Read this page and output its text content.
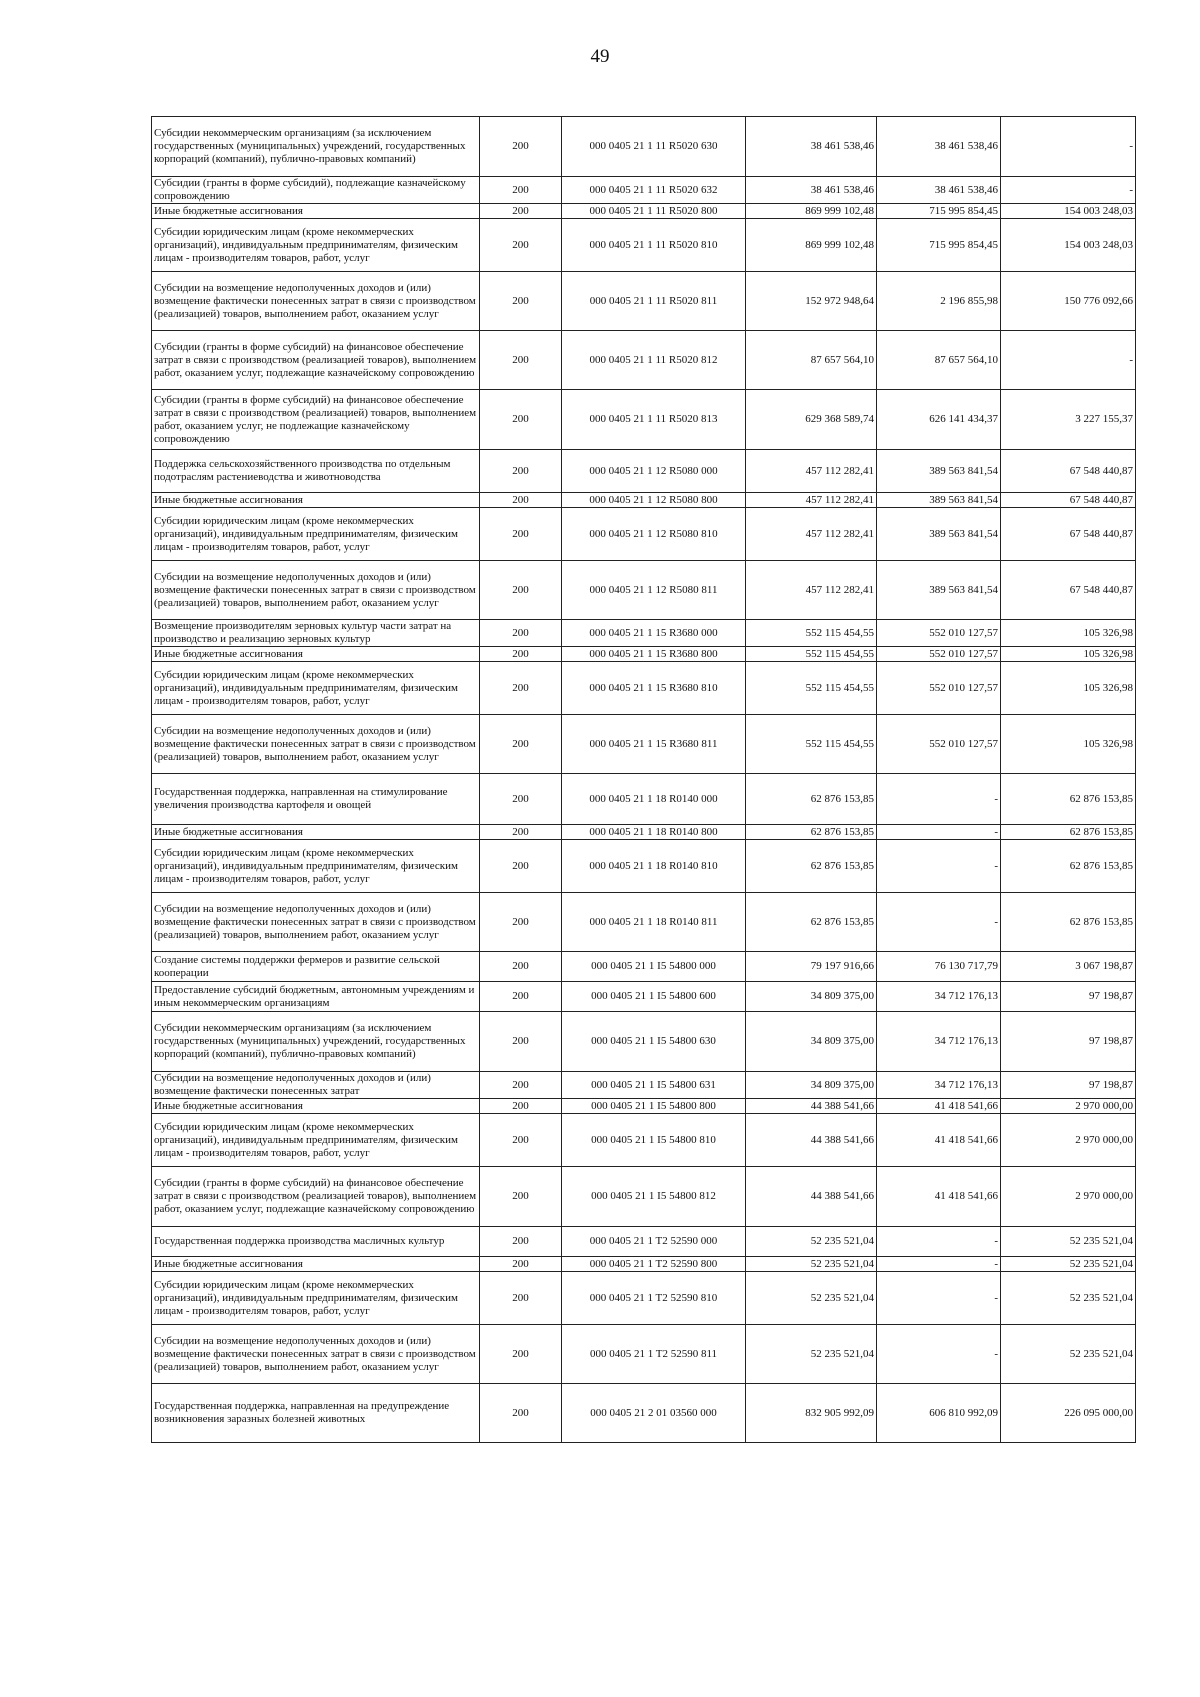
49
Субсидии некоммерческим организациям (за исключением государственных (муниципальных) учреждений, государственных корпораций (компаний), публично-правовых компаний)	200	000 0405 21 1 11 R5020 630	38 461 538,46	38 461 538,46	-
Субсидии (гранты в форме субсидий), подлежащие казначейскому сопровождению	200	000 0405 21 1 11 R5020 632	38 461 538,46	38 461 538,46	-
Иные бюджетные ассигнования	200	000 0405 21 1 11 R5020 800	869 999 102,48	715 995 854,45	154 003 248,03
Субсидии юридическим лицам (кроме некоммерческих организаций), индивидуальным предпринимателям, физическим лицам - производителям товаров, работ, услуг	200	000 0405 21 1 11 R5020 810	869 999 102,48	715 995 854,45	154 003 248,03
Субсидии на возмещение недополученных доходов и (или) возмещение фактически понесенных затрат в связи с производством (реализацией) товаров, выполнением работ, оказанием услуг	200	000 0405 21 1 11 R5020 811	152 972 948,64	2 196 855,98	150 776 092,66
Субсидии (гранты в форме субсидий) на финансовое обеспечение затрат в связи с производством (реализацией товаров), выполнением работ, оказанием услуг, подлежащие казначейскому сопровождению	200	000 0405 21 1 11 R5020 812	87 657 564,10	87 657 564,10	-
Субсидии (гранты в форме субсидий) на финансовое обеспечение затрат в связи с производством (реализацией) товаров, выполнением работ, оказанием услуг, не подлежащие казначейскому сопровождению	200	000 0405 21 1 11 R5020 813	629 368 589,74	626 141 434,37	3 227 155,37
Поддержка сельскохозяйственного производства по отдельным подотраслям растениеводства и животноводства	200	000 0405 21 1 12 R5080 000	457 112 282,41	389 563 841,54	67 548 440,87
Иные бюджетные ассигнования	200	000 0405 21 1 12 R5080 800	457 112 282,41	389 563 841,54	67 548 440,87
Субсидии юридическим лицам (кроме некоммерческих организаций), индивидуальным предпринимателям, физическим лицам - производителям товаров, работ, услуг	200	000 0405 21 1 12 R5080 810	457 112 282,41	389 563 841,54	67 548 440,87
Субсидии на возмещение недополученных доходов и (или) возмещение фактически понесенных затрат в связи с производством (реализацией) товаров, выполнением работ, оказанием услуг	200	000 0405 21 1 12 R5080 811	457 112 282,41	389 563 841,54	67 548 440,87
Возмещение производителям зерновых культур части затрат на производство и реализацию зерновых культур	200	000 0405 21 1 15 R3680 000	552 115 454,55	552 010 127,57	105 326,98
Иные бюджетные ассигнования	200	000 0405 21 1 15 R3680 800	552 115 454,55	552 010 127,57	105 326,98
Субсидии юридическим лицам (кроме некоммерческих организаций), индивидуальным предпринимателям, физическим лицам - производителям товаров, работ, услуг	200	000 0405 21 1 15 R3680 810	552 115 454,55	552 010 127,57	105 326,98
Субсидии на возмещение недополученных доходов и (или) возмещение фактически понесенных затрат в связи с производством (реализацией) товаров, выполнением работ, оказанием услуг	200	000 0405 21 1 15 R3680 811	552 115 454,55	552 010 127,57	105 326,98
Государственная поддержка, направленная на стимулирование увеличения производства картофеля и овощей	200	000 0405 21 1 18 R0140 000	62 876 153,85	-	62 876 153,85
Иные бюджетные ассигнования	200	000 0405 21 1 18 R0140 800	62 876 153,85	-	62 876 153,85
Субсидии юридическим лицам (кроме некоммерческих организаций), индивидуальным предпринимателям, физическим лицам - производителям товаров, работ, услуг	200	000 0405 21 1 18 R0140 810	62 876 153,85	-	62 876 153,85
Субсидии на возмещение недополученных доходов и (или) возмещение фактически понесенных затрат в связи с производством (реализацией) товаров, выполнением работ, оказанием услуг	200	000 0405 21 1 18 R0140 811	62 876 153,85	-	62 876 153,85
Создание системы поддержки фермеров и развитие сельской кооперации	200	000 0405 21 1 I5 54800 000	79 197 916,66	76 130 717,79	3 067 198,87
Предоставление субсидий бюджетным, автономным учреждениям и иным некоммерческим организациям	200	000 0405 21 1 I5 54800 600	34 809 375,00	34 712 176,13	97 198,87
Субсидии некоммерческим организациям (за исключением государственных (муниципальных) учреждений, государственных корпораций (компаний), публично-правовых компаний)	200	000 0405 21 1 I5 54800 630	34 809 375,00	34 712 176,13	97 198,87
Субсидии на возмещение недополученных доходов и (или) возмещение фактически понесенных затрат	200	000 0405 21 1 I5 54800 631	34 809 375,00	34 712 176,13	97 198,87
Иные бюджетные ассигнования	200	000 0405 21 1 I5 54800 800	44 388 541,66	41 418 541,66	2 970 000,00
Субсидии юридическим лицам (кроме некоммерческих организаций), индивидуальным предпринимателям, физическим лицам - производителям товаров, работ, услуг	200	000 0405 21 1 I5 54800 810	44 388 541,66	41 418 541,66	2 970 000,00
Субсидии (гранты в форме субсидий) на финансовое обеспечение затрат в связи с производством (реализацией товаров), выполнением работ, оказанием услуг, подлежащие казначейскому сопровождению	200	000 0405 21 1 I5 54800 812	44 388 541,66	41 418 541,66	2 970 000,00
Государственная поддержка производства масличных культур	200	000 0405 21 1 T2 52590 000	52 235 521,04	-	52 235 521,04
Иные бюджетные ассигнования	200	000 0405 21 1 T2 52590 800	52 235 521,04	-	52 235 521,04
Субсидии юридическим лицам (кроме некоммерческих организаций), индивидуальным предпринимателям, физическим лицам - производителям товаров, работ, услуг	200	000 0405 21 1 T2 52590 810	52 235 521,04	-	52 235 521,04
Субсидии на возмещение недополученных доходов и (или) возмещение фактически понесенных затрат в связи с производством (реализацией) товаров, выполнением работ, оказанием услуг	200	000 0405 21 1 T2 52590 811	52 235 521,04	-	52 235 521,04
Государственная поддержка, направленная на предупреждение возникновения заразных болезней животных	200	000 0405 21 2 01 03560 000	832 905 992,09	606 810 992,09	226 095 000,00
